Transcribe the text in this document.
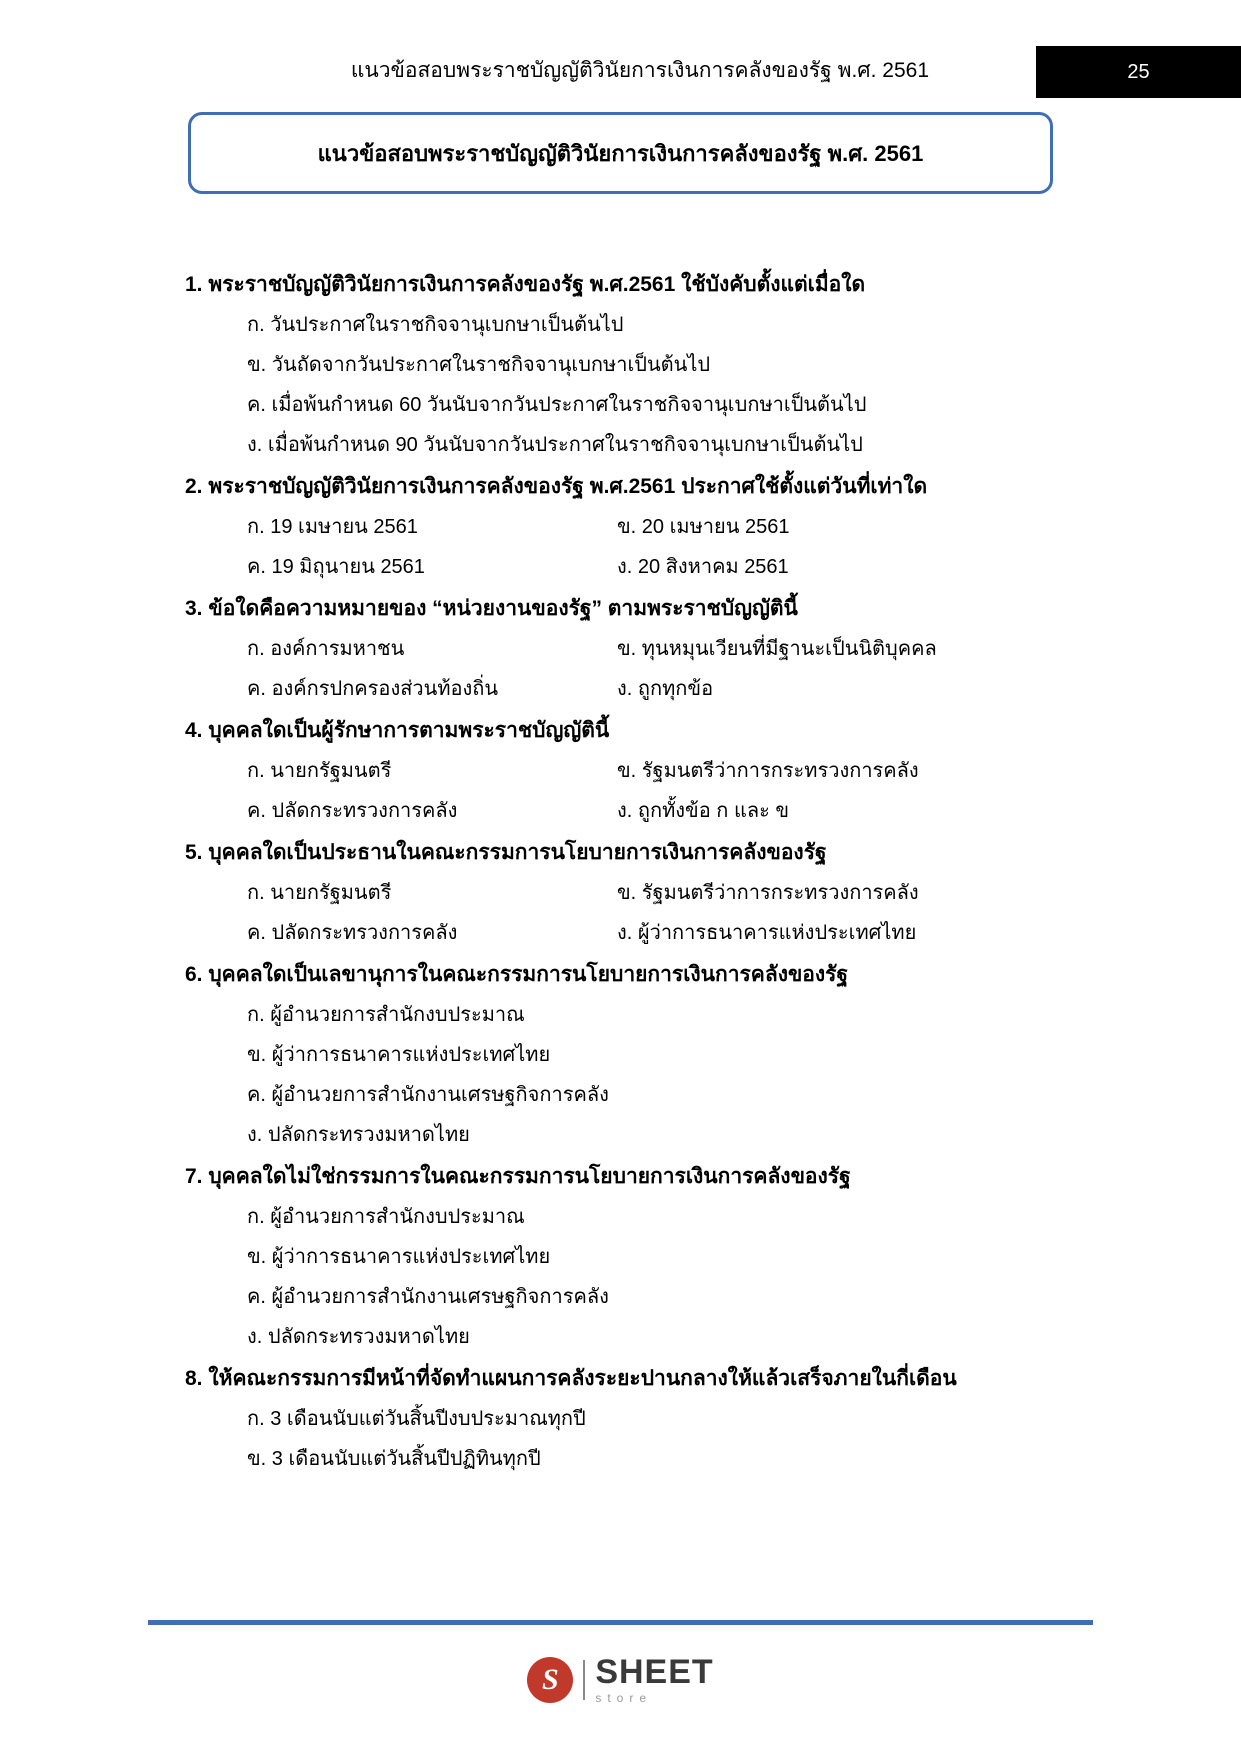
แนวข้อสอบพระราชบัญญัติวินัยการเงินการคลังของรัฐ พ.ศ. 2561	25
แนวข้อสอบพระราชบัญญัติวินัยการเงินการคลังของรัฐ พ.ศ. 2561
1. พระราชบัญญัติวินัยการเงินการคลังของรัฐ พ.ศ.2561 ใช้บังคับตั้งแต่เมื่อใด
ก. วันประกาศในราชกิจจานุเบกษาเป็นต้นไป
ข. วันถัดจากวันประกาศในราชกิจจานุเบกษาเป็นต้นไป
ค. เมื่อพ้นกำหนด 60 วันนับจากวันประกาศในราชกิจจานุเบกษาเป็นต้นไป
ง. เมื่อพ้นกำหนด 90 วันนับจากวันประกาศในราชกิจจานุเบกษาเป็นต้นไป
2. พระราชบัญญัติวินัยการเงินการคลังของรัฐ พ.ศ.2561 ประกาศใช้ตั้งแต่วันที่เท่าใด
ก. 19 เมษายน 2561	ข. 20 เมษายน 2561
ค. 19 มิถุนายน 2561	ง. 20 สิงหาคม 2561
3. ข้อใดคือความหมายของ “หน่วยงานของรัฐ” ตามพระราชบัญญัตินี้
ก. องค์การมหาชน	ข. ทุนหมุนเวียนที่มีฐานะเป็นนิติบุคคล
ค. องค์กรปกครองส่วนท้องถิ่น	ง. ถูกทุกข้อ
4. บุคคลใดเป็นผู้รักษาการตามพระราชบัญญัตินี้
ก. นายกรัฐมนตรี	ข. รัฐมนตรีว่าการกระทรวงการคลัง
ค. ปลัดกระทรวงการคลัง	ง. ถูกทั้งข้อ ก และ ข
5. บุคคลใดเป็นประธานในคณะกรรมการนโยบายการเงินการคลังของรัฐ
ก. นายกรัฐมนตรี	ข. รัฐมนตรีว่าการกระทรวงการคลัง
ค. ปลัดกระทรวงการคลัง	ง. ผู้ว่าการธนาคารแห่งประเทศไทย
6. บุคคลใดเป็นเลขานุการในคณะกรรมการนโยบายการเงินการคลังของรัฐ
ก. ผู้อำนวยการสำนักงบประมาณ
ข. ผู้ว่าการธนาคารแห่งประเทศไทย
ค. ผู้อำนวยการสำนักงานเศรษฐกิจการคลัง
ง. ปลัดกระทรวงมหาดไทย
7. บุคคลใดไม่ใช่กรรมการในคณะกรรมการนโยบายการเงินการคลังของรัฐ
ก. ผู้อำนวยการสำนักงบประมาณ
ข. ผู้ว่าการธนาคารแห่งประเทศไทย
ค. ผู้อำนวยการสำนักงานเศรษฐกิจการคลัง
ง. ปลัดกระทรวงมหาดไทย
8. ให้คณะกรรมการมีหน้าที่จัดทำแผนการคลังระยะปานกลางให้แล้วเสร็จภายในกี่เดือน
ก. 3 เดือนนับแต่วันสิ้นปีงบประมาณทุกปี
ข. 3 เดือนนับแต่วันสิ้นปีปฏิทินทุกปี
S	SHEET
store
